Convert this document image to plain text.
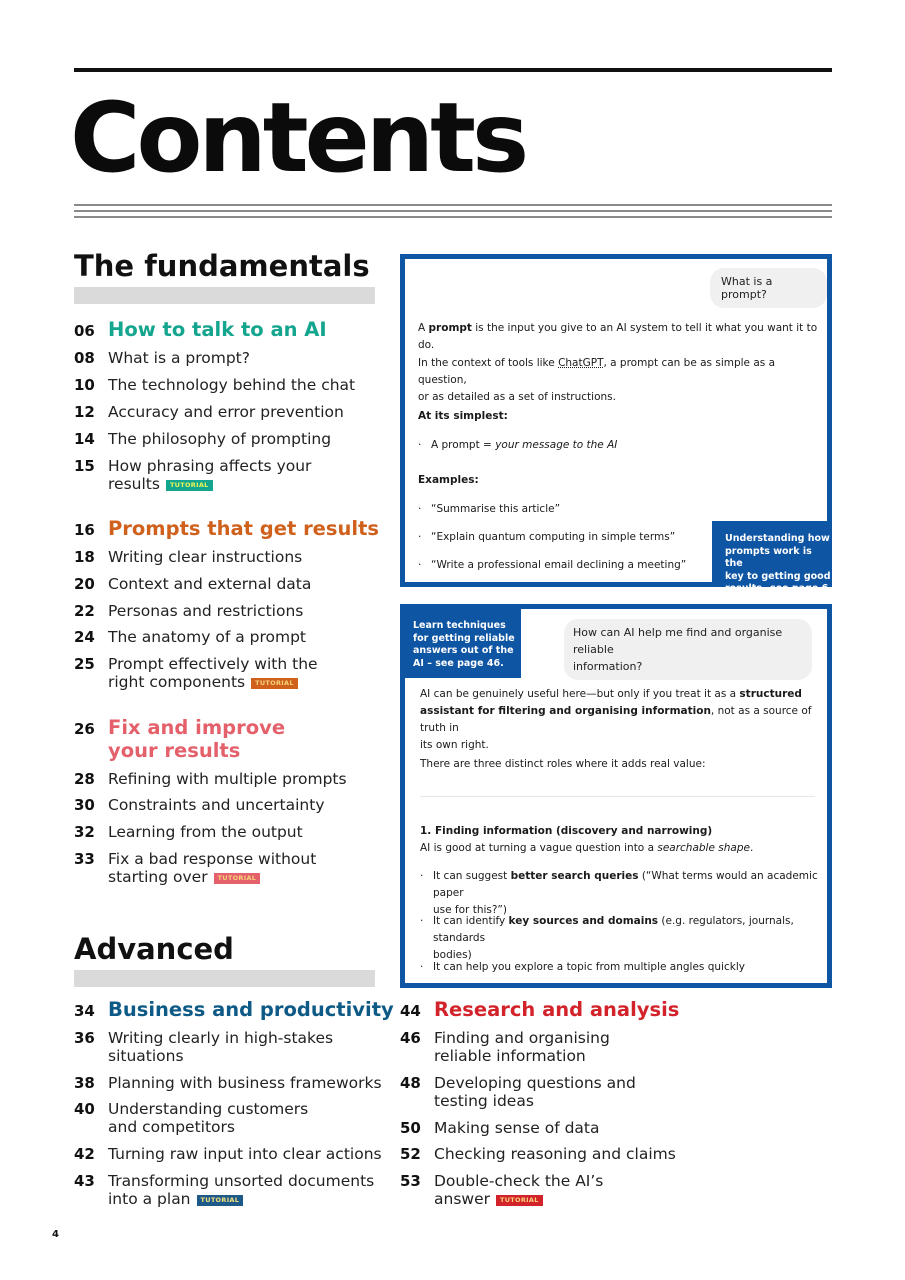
Contents
The fundamentals
06 How to talk to an AI
08 What is a prompt?
10 The technology behind the chat
12 Accuracy and error prevention
14 The philosophy of prompting
15 How phrasing affects your
results TUTORIAL
16 Prompts that get results
18 Writing clear instructions
20 Context and external data
22 Personas and restrictions
24 The anatomy of a prompt
25 Prompt effectively with the
right components TUTORIAL
26 Fix and improve
your results
28 Refining with multiple prompts
30 Constraints and uncertainty
32 Learning from the output
33 Fix a bad response without
starting over TUTORIAL
Advanced
34 Business and productivity
36 Writing clearly in high-stakes
situations
38 Planning with business frameworks
40 Understanding customers
and competitors
42 Turning raw input into clear actions
43 Transforming unsorted documents
into a plan TUTORIAL
44 Research and analysis
46 Finding and organising
reliable information
48 Developing questions and
testing ideas
50 Making sense of data
52 Checking reasoning and claims
53 Double-check the AI’s
answer TUTORIAL
What is a prompt?
A prompt is the input you give to an AI system to tell it what you want it to do.
In the context of tools like ChatGPT, a prompt can be as simple as a question,
or as detailed as a set of instructions.
At its simplest:
· A prompt = your message to the AI
Examples:
· “Summarise this article”
· “Explain quantum computing in simple terms”
· “Write a professional email declining a meeting”
Understanding how
prompts work is the
key to getting good
results –see page 6.
Learn techniques
for getting reliable
answers out of the
AI – see page 46.
How can AI help me find and organise reliable
information?
AI can be genuinely useful here—but only if you treat it as a structured
assistant for filtering and organising information, not as a source of truth in
its own right.
There are three distinct roles where it adds real value:
1. Finding information (discovery and narrowing)
AI is good at turning a vague question into a searchable shape.
· It can suggest better search queries (“What terms would an academic paper
use for this?”)
· It can identify key sources and domains (e.g. regulators, journals, standards
bodies)
· It can help you explore a topic from multiple angles quickly
4
